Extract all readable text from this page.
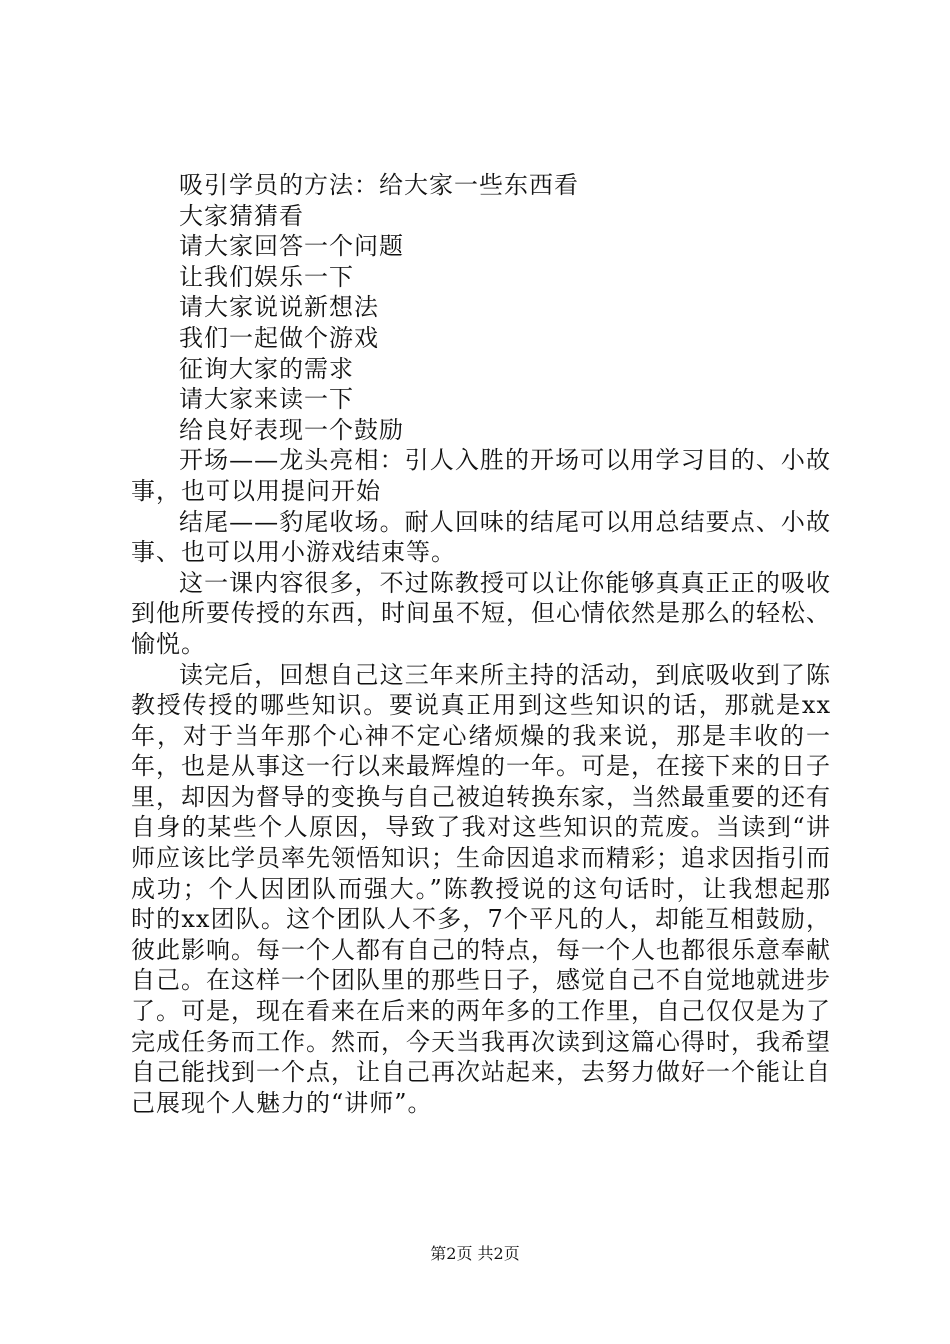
吸引学员的方法：给大家一些东西看

大家猜猜看

请大家回答一个问题

让我们娱乐一下

请大家说说新想法

我们一起做个游戏

征询大家的需求

请大家来读一下

给良好表现一个鼓励

开场——龙头亮相：引人入胜的开场可以用学习目的、小故事，也可以用提问开始

结尾——豹尾收场。耐人回味的结尾可以用总结要点、小故事、也可以用小游戏结束等。

这一课内容很多，不过陈教授可以让你能够真真正正的吸收到他所要传授的东西，时间虽不短，但心情依然是那么的轻松、愉悦。

读完后，回想自己这三年来所主持的活动，到底吸收到了陈教授传授的哪些知识。要说真正用到这些知识的话，那就是xx年，对于当年那个心神不定心绪烦燥的我来说，那是丰收的一年，也是从事这一行以来最辉煌的一年。可是，在接下来的日子里，却因为督导的变换与自己被迫转换东家，当然最重要的还有自身的某些个人原因，导致了我对这些知识的荒废。当读到“讲师应该比学员率先领悟知识；生命因追求而精彩；追求因指引而成功；个人因团队而强大。”陈教授说的这句话时，让我想起那时的xx团队。这个团队人不多，7个平凡的人，却能互相鼓励，彼此影响。每一个人都有自己的特点，每一个人也都很乐意奉献自己。在这样一个团队里的那些日子，感觉自己不自觉地就进步了。可是，现在看来在后来的两年多的工作里，自己仅仅是为了完成任务而工作。然而，今天当我再次读到这篇心得时，我希望自己能找到一个点，让自己再次站起来，去努力做好一个能让自己展现个人魅力的“讲师”。

第2页 共2页
